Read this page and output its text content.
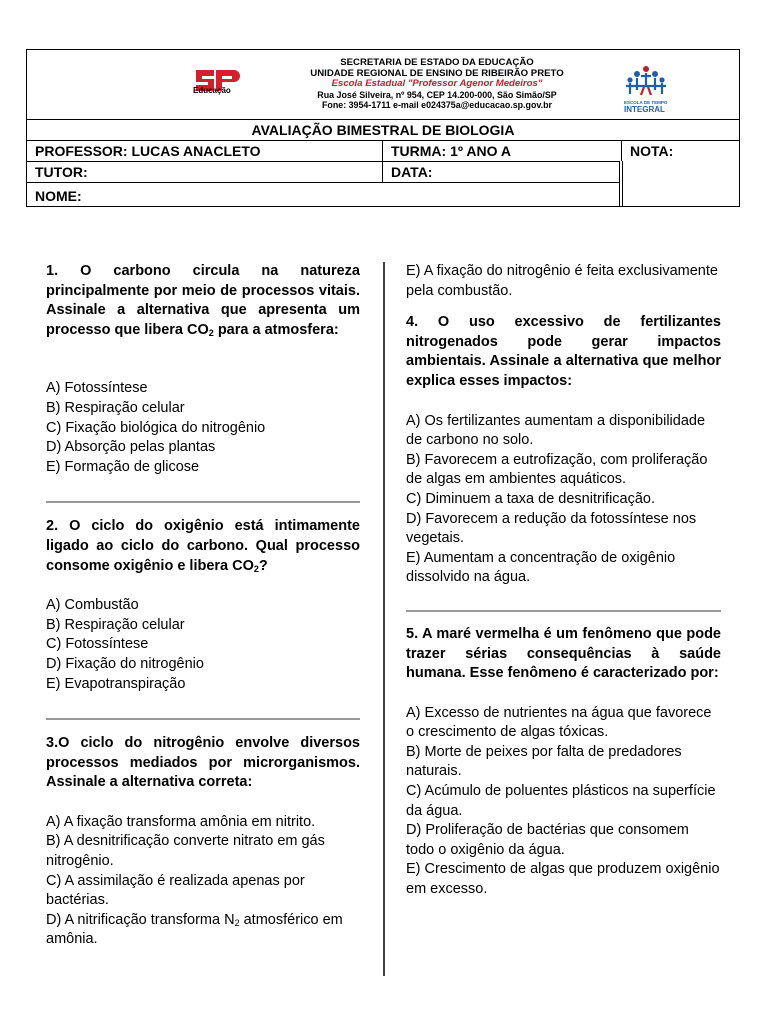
Educação
SECRETARIA DE ESTADO DA EDUCAÇÃO
UNIDADE REGIONAL DE ENSINO DE RIBEIRÃO PRETO
Escola Estadual "Professor Agenor Medeiros"
Rua José Silveira, nº 954, CEP 14.200-000, São Simão/SP
Fone: 3954-1711 e-mail e024375a@educacao.sp.gov.br	ESCOLA DE TEMPO
INTEGRAL
AVALIAÇÃO BIMESTRAL DE BIOLOGIA
PROFESSOR: LUCAS ANACLETO	TURMA: 1º ANO A	NOTA:
TUTOR:	DATA:
NOME:
1. O carbono circula na natureza principalmente por meio de processos vitais. Assinale a alternativa que apresenta um processo que libera $CO_2$ para a atmosfera:
A) Fotossíntese
B) Respiração celular
C) Fixação biológica do nitrogênio
D) Absorção pelas plantas
E) Formação de glicose
2. O ciclo do oxigênio está intimamente ligado ao ciclo do carbono. Qual processo consome oxigênio e libera $CO_2$?
A) Combustão
B) Respiração celular
C) Fotossíntese
D) Fixação do nitrogênio
E) Evapotranspiração
3.O ciclo do nitrogênio envolve diversos processos mediados por microrganismos. Assinale a alternativa correta:
A) A fixação transforma amônia em nitrito.
B) A desnitrificação converte nitrato em gás nitrogênio.
C) A assimilação é realizada apenas por bactérias.
D) A nitrificação transforma $N_2$ atmosférico em amônia.
E) A fixação do nitrogênio é feita exclusivamente pela combustão.
4. O uso excessivo de fertilizantes nitrogenados pode gerar impactos ambientais. Assinale a alternativa que melhor explica esses impactos:
A) Os fertilizantes aumentam a disponibilidade de carbono no solo.
B) Favorecem a eutrofização, com proliferação de algas em ambientes aquáticos.
C) Diminuem a taxa de desnitrificação.
D) Favorecem a redução da fotossíntese nos vegetais.
E) Aumentam a concentração de oxigênio dissolvido na água.
5. A maré vermelha é um fenômeno que pode trazer sérias consequências à saúde humana. Esse fenômeno é caracterizado por:
A) Excesso de nutrientes na água que favorece o crescimento de algas tóxicas.
B) Morte de peixes por falta de predadores naturais.
C) Acúmulo de poluentes plásticos na superfície da água.
D) Proliferação de bactérias que consomem todo o oxigênio da água.
E) Crescimento de algas que produzem oxigênio em excesso.
